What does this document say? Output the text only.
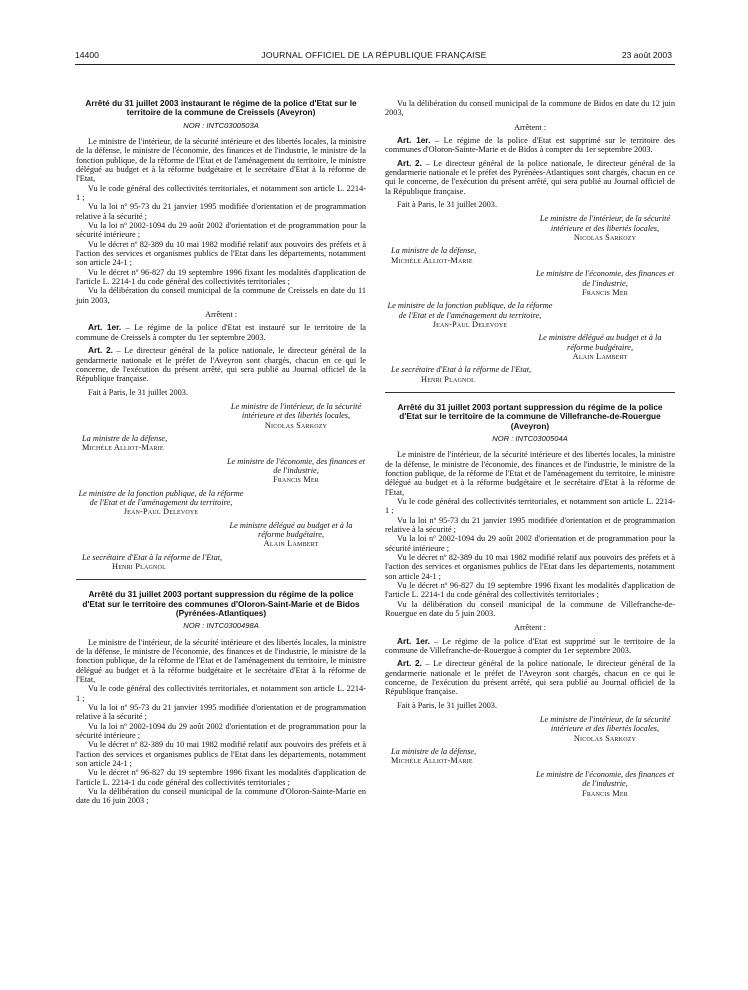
14400	JOURNAL OFFICIEL DE LA RÉPUBLIQUE FRANÇAISE	23 août 2003
Arrêté du 31 juillet 2003 instaurant le régime de la police d'Etat sur le territoire de la commune de Creissels (Aveyron)
NOR : INTC0300503A

Le ministre de l'intérieur, de la sécurité intérieure et des libertés locales, la ministre de la défense, le ministre de l'économie, des finances et de l'industrie, le ministre de la fonction publique, de la réforme de l'Etat et de l'aménagement du territoire, le ministre délégué au budget et à la réforme budgétaire et le secrétaire d'Etat à la réforme de l'Etat,

Vu le code général des collectivités territoriales, et notamment son article L. 2214-1 ;

Vu la loi nº 95-73 du 21 janvier 1995 modifiée d'orientation et de programmation relative à la sécurité ;

Vu la loi nº 2002-1094 du 29 août 2002 d'orientation et de programmation pour la sécurité intérieure ;

Vu le décret nº 82-389 du 10 mai 1982 modifié relatif aux pouvoirs des préfets et à l'action des services et organismes publics de l'Etat dans les départements, notamment son article 24-1 ;

Vu le décret nº 96-827 du 19 septembre 1996 fixant les modalités d'application de l'article L. 2214-1 du code général des collectivités territoriales ;

Vu la délibération du conseil municipal de la commune de Creissels en date du 11 juin 2003,

Arrêtent :

Art. 1er. – Le régime de la police d'Etat est instauré sur le territoire de la commune de Creissels à compter du 1er septembre 2003.

Art. 2. – Le directeur général de la police nationale, le directeur général de la gendarmerie nationale et le préfet de l'Aveyron sont chargés, chacun en ce qui le concerne, de l'exécution du présent arrêté, qui sera publié au Journal officiel de la République française.

Fait à Paris, le 31 juillet 2003.
Le ministre de l'intérieur, de la sécurité intérieure et des libertés locales,
Nicolas Sarkozy
La ministre de la défense,
Michèle Alliot-Marie
Le ministre de l'économie, des finances et de l'industrie,
Francis Mer
Le ministre de la fonction publique, de la réforme de l'Etat et de l'aménagement du territoire,
Jean-Paul Delevoye
Le ministre délégué au budget et à la réforme budgétaire,
Alain Lambert
Le secrétaire d'Etat à la réforme de l'Etat,
Henri Plagnol
Arrêté du 31 juillet 2003 portant suppression du régime de la police d'Etat sur le territoire des communes d'Oloron-Saint-Marie et de Bidos (Pyrénées-Atlantiques)
NOR : INTC0300498A

Le ministre de l'intérieur, de la sécurité intérieure et des libertés locales, la ministre de la défense, le ministre de l'économie, des finances et de l'industrie, le ministre de la fonction publique, de la réforme de l'Etat et de l'aménagement du territoire, le ministre délégué au budget et à la réforme budgétaire et le secrétaire d'Etat à la réforme de l'Etat,

Vu le code général des collectivités territoriales, et notamment son article L. 2214-1 ;

Vu la loi nº 95-73 du 21 janvier 1995 modifiée d'orientation et de programmation relative à la sécurité ;

Vu la loi nº 2002-1094 du 29 août 2002 d'orientation et de programmation pour la sécurité intérieure ;

Vu le décret nº 82-389 du 10 mai 1982 modifié relatif aux pouvoirs des préfets et à l'action des services et organismes publics de l'Etat dans les départements, notamment son article 24-1 ;

Vu le décret nº 96-827 du 19 septembre 1996 fixant les modalités d'application de l'article L. 2214-1 du code général des collectivités territoriales ;

Vu la délibération du conseil municipal de la commune d'Oloron-Sainte-Marie en date du 16 juin 2003 ;

Vu la délibération du conseil municipal de la commune de Bidos en date du 12 juin 2003,

Arrêtent :

Art. 1er. – Le régime de la police d'Etat est supprimé sur le territoire des communes d'Oloron-Sainte-Marie et de Bidos à compter du 1er septembre 2003.

Art. 2. – Le directeur général de la police nationale, le directeur général de la gendarmerie nationale et le préfet des Pyrénées-Atlantiques sont chargés, chacun en ce qui le concerne, de l'exécution du présent arrêté, qui sera publié au Journal officiel de la République française.

Fait à Paris, le 31 juillet 2003.
Le ministre de l'intérieur, de la sécurité intérieure et des libertés locales,
Nicolas Sarkozy
La ministre de la défense,
Michèle Alliot-Marie
Le ministre de l'économie, des finances et de l'industrie,
Francis Mer
Le ministre de la fonction publique, de la réforme de l'Etat et de l'aménagement du territoire,
Jean-Paul Delevoye
Le ministre délégué au budget et à la réforme budgétaire,
Alain Lambert
Le secrétaire d'Etat à la réforme de l'Etat,
Henri Plagnol
Arrêté du 31 juillet 2003 portant suppression du régime de la police d'Etat sur le territoire de la commune de Villefranche-de-Rouergue (Aveyron)
NOR : INTC0300504A

Le ministre de l'intérieur, de la sécurité intérieure et des libertés locales, la ministre de la défense, le ministre de l'économie, des finances et de l'industrie, le ministre de la fonction publique, de la réforme de l'Etat et de l'aménagement du territoire, le ministre délégué au budget et à la réforme budgétaire et le secrétaire d'Etat à la réforme de l'Etat,

Vu le code général des collectivités territoriales, et notamment son article L. 2214-1 ;

Vu la loi nº 95-73 du 21 janvier 1995 modifiée d'orientation et de programmation relative à la sécurité ;

Vu la loi nº 2002-1094 du 29 août 2002 d'orientation et de programmation pour la sécurité intérieure ;

Vu le décret nº 82-389 du 10 mai 1982 modifié relatif aux pouvoirs des préfets et à l'action des services et organismes publics de l'Etat dans les départements, notamment son article 24-1 ;

Vu le décret nº 96-827 du 19 septembre 1996 fixant les modalités d'application de l'article L. 2214-1 du code général des collectivités territoriales ;

Vu la délibération du conseil municipal de la commune de Villefranche-de-Rouergue en date du 5 juin 2003.

Arrêtent :

Art. 1er. – Le régime de la police d'Etat est supprimé sur le territoire de la commune de Villefranche-de-Rouergue à compter du 1er septembre 2003.

Art. 2. – Le directeur général de la police nationale, le directeur général de la gendarmerie nationale et le préfet de l'Aveyron sont chargés, chacun en ce qui le concerne, de l'exécution du présent arrêté, qui sera publié au Journal officiel de la République française.

Fait à Paris, le 31 juillet 2003.
Le ministre de l'intérieur, de la sécurité intérieure et des libertés locales,
Nicolas Sarkozy
La ministre de la défense,
Michèle Alliot-Marie
Le ministre de l'économie, des finances et de l'industrie,
Francis Mer
